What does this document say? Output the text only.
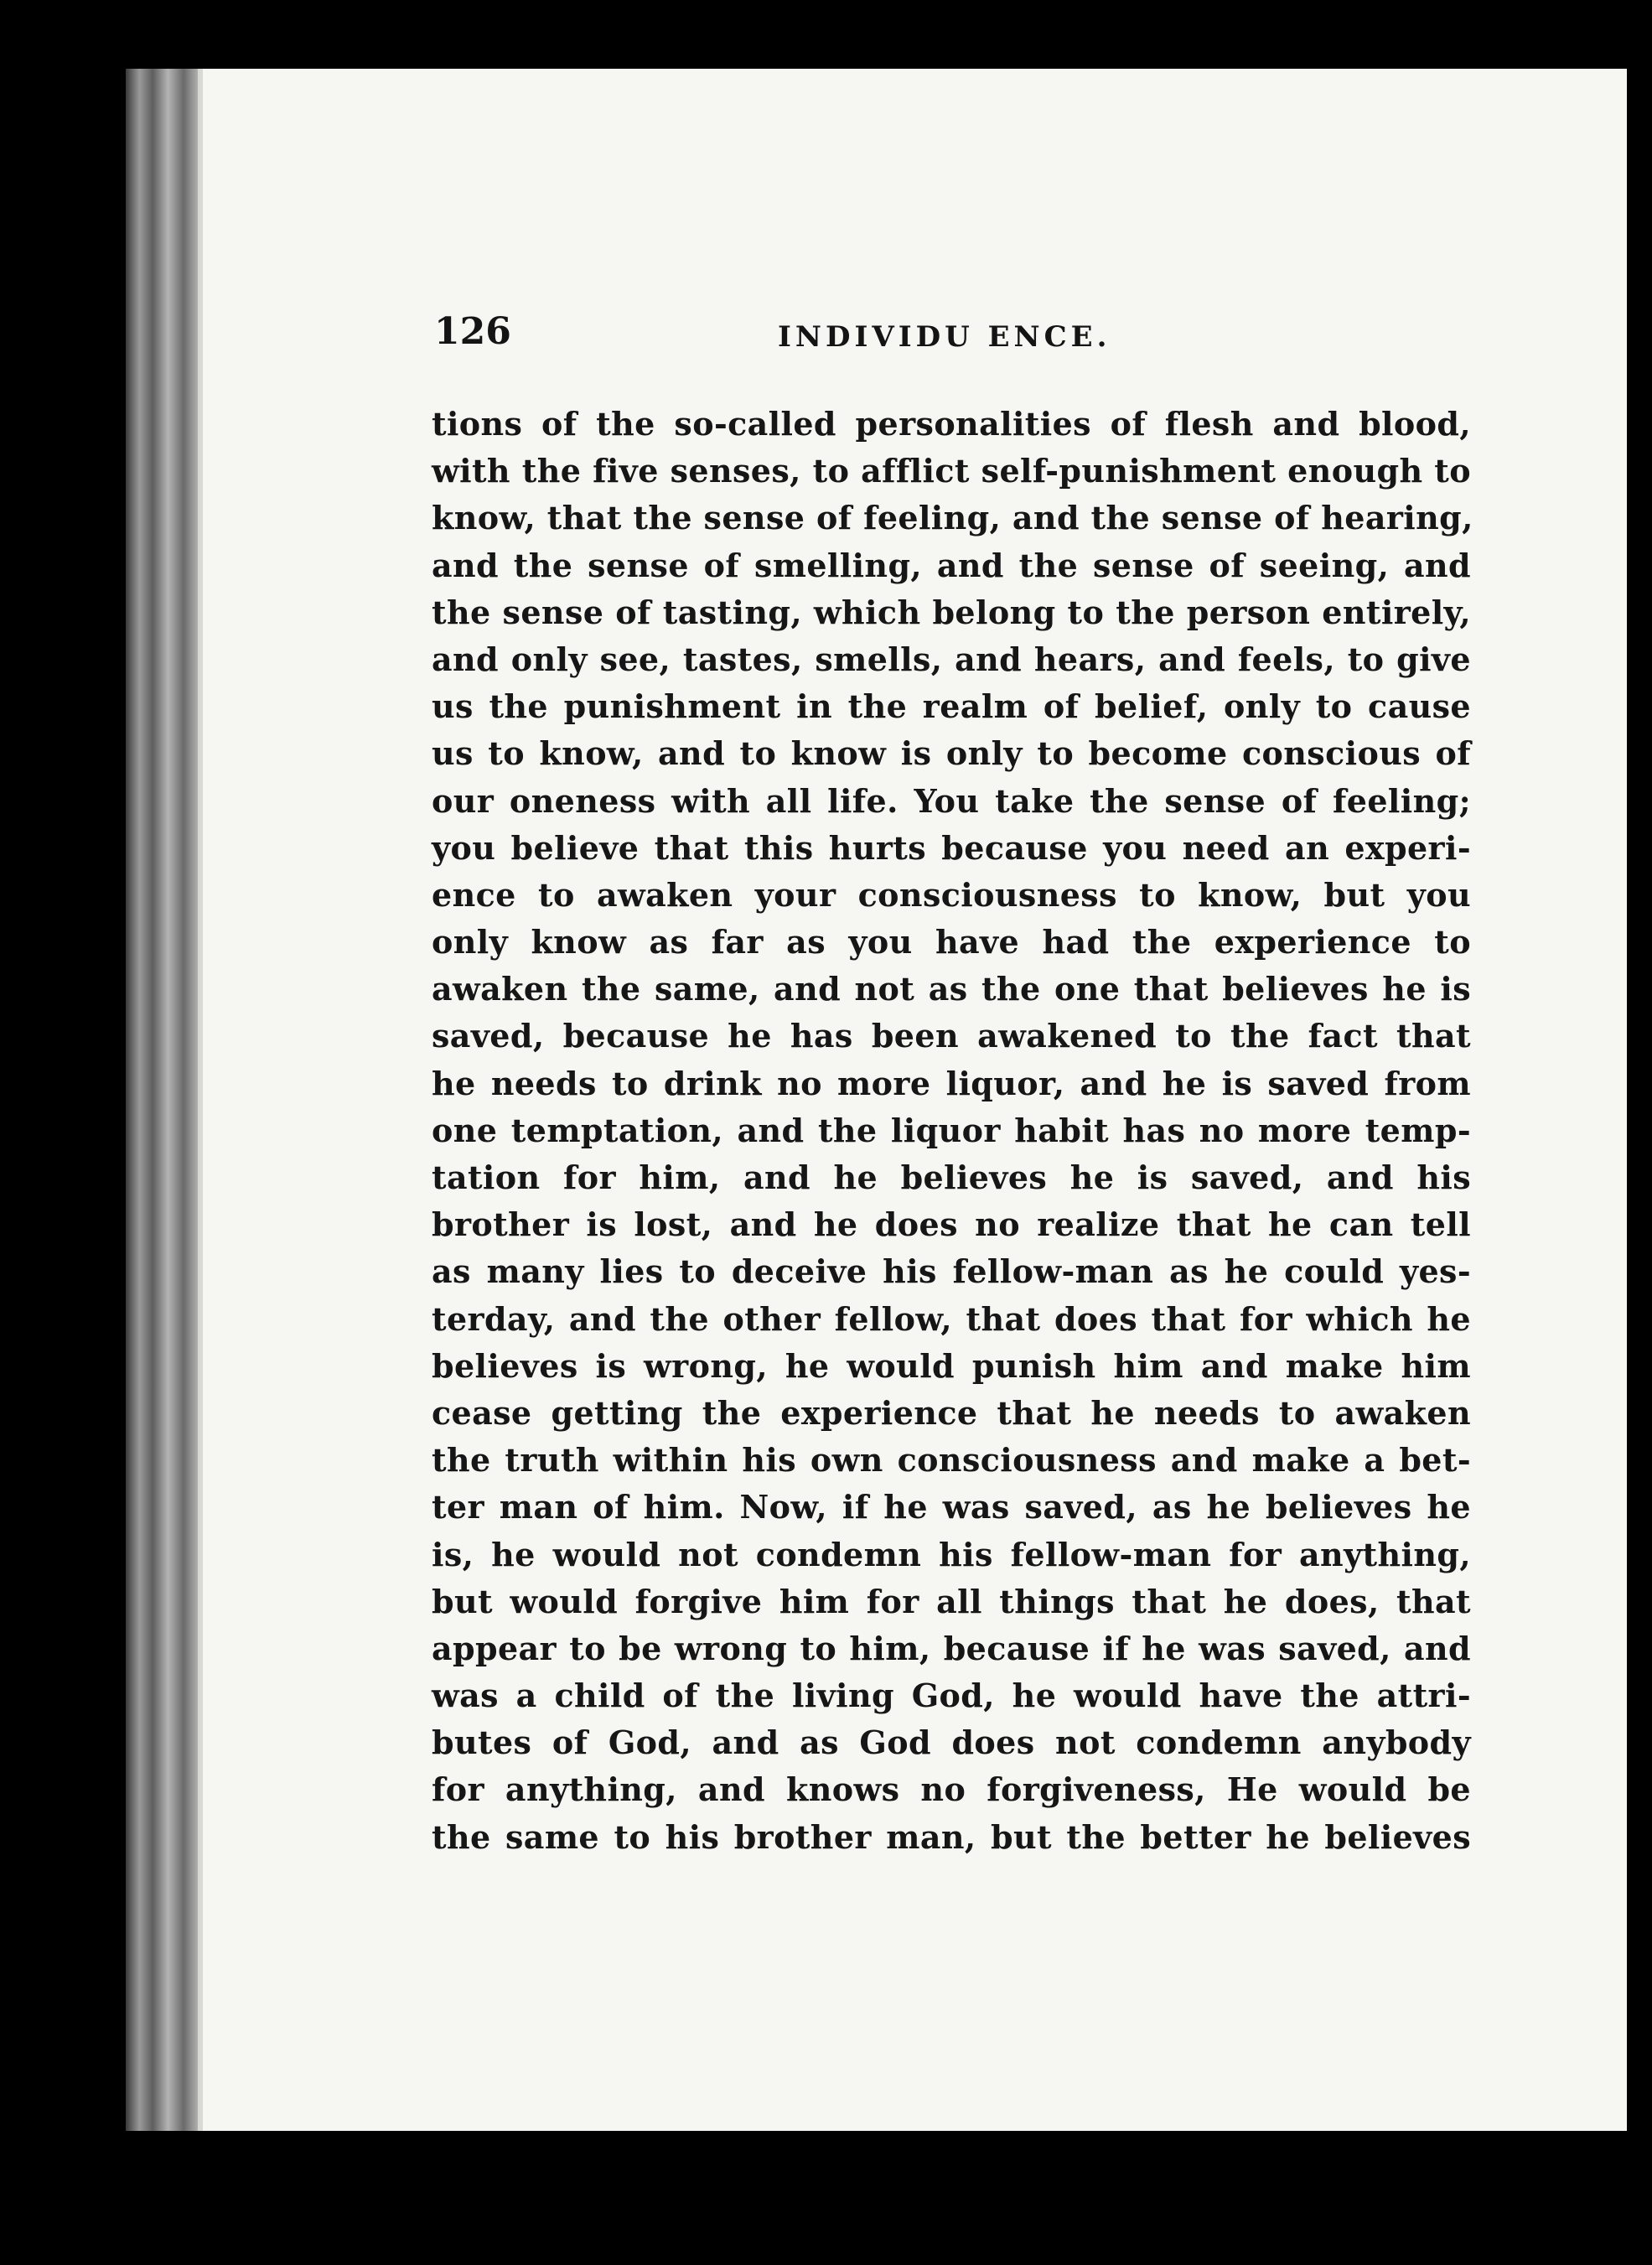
126	INDIVIDU ENCE.
tions of the so-called personalities of flesh and blood,
with the five senses, to afflict self-punishment enough to
know, that the sense of feeling, and the sense of hearing,
and the sense of smelling, and the sense of seeing, and
the sense of tasting, which belong to the person entirely,
and only see, tastes, smells, and hears, and feels, to give
us the punishment in the realm of belief, only to cause
us to know, and to know is only to become conscious of
our oneness with all life. You take the sense of feeling;
you believe that this hurts because you need an experi-
ence to awaken your consciousness to know, but you
only know as far as you have had the experience to
awaken the same, and not as the one that believes he is
saved, because he has been awakened to the fact that
he needs to drink no more liquor, and he is saved from
one temptation, and the liquor habit has no more temp-
tation for him, and he believes he is saved, and his
brother is lost, and he does no realize that he can tell
as many lies to deceive his fellow-man as he could yes-
terday, and the other fellow, that does that for which he
believes is wrong, he would punish him and make him
cease getting the experience that he needs to awaken
the truth within his own consciousness and make a bet-
ter man of him. Now, if he was saved, as he believes he
is, he would not condemn his fellow-man for anything,
but would forgive him for all things that he does, that
appear to be wrong to him, because if he was saved, and
was a child of the living God, he would have the attri-
butes of God, and as God does not condemn anybody
for anything, and knows no forgiveness, He would be
the same to his brother man, but the better he believes
